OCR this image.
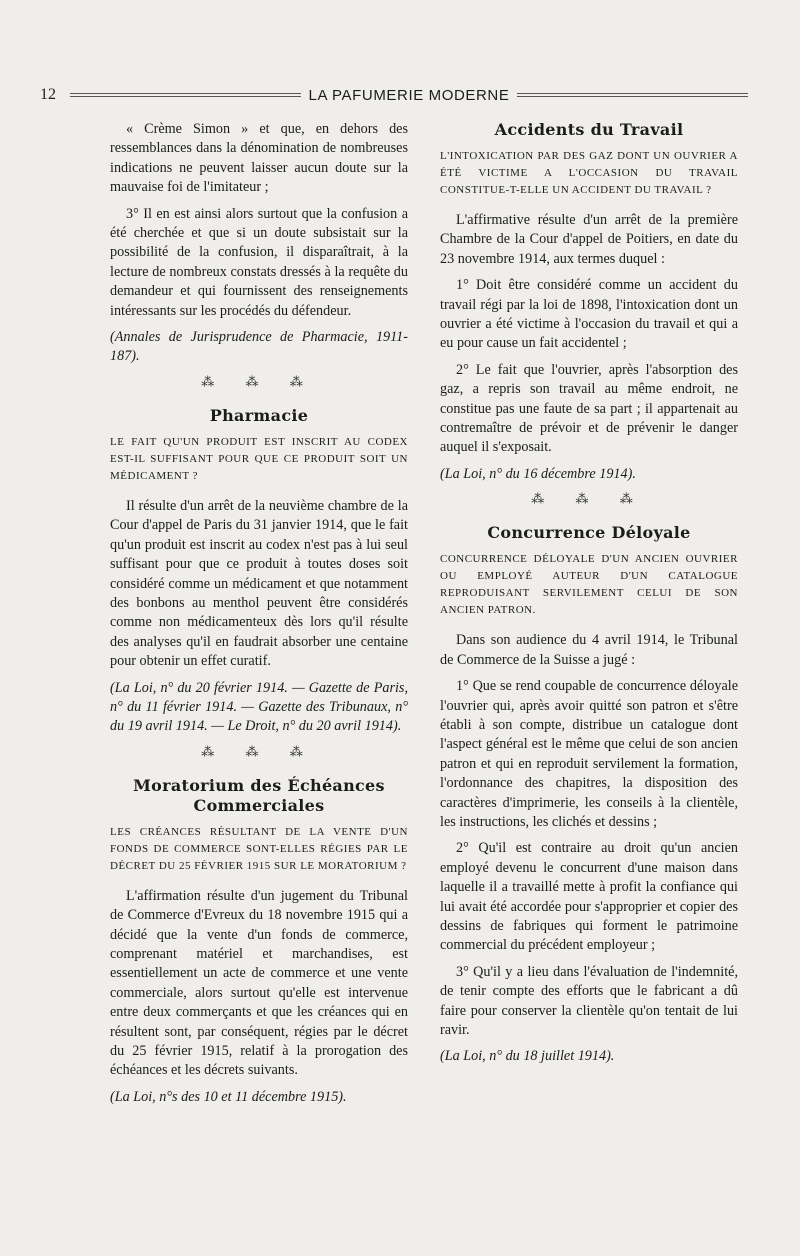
12	LA PAFUMERIE MODERNE

« Crème Simon » et que, en dehors des ressemblances dans la dénomination de nombreuses indications ne peuvent laisser aucun doute sur la mauvaise foi de l'imitateur ;

3° Il en est ainsi alors surtout que la confusion a été cherchée et que si un doute subsistait sur la possibilité de la confusion, il disparaîtrait, à la lecture de nombreux constats dressés à la requête du demandeur et qui fournissent des renseignements intéressants sur les procédés du défendeur.

(Annales de Jurisprudence de Pharmacie, 1911-187).

⁂ ⁂ ⁂
Pharmacie
LE FAIT QU'UN PRODUIT EST INSCRIT AU CODEX EST-IL SUFFISANT POUR QUE CE PRODUIT SOIT UN MÉDICAMENT ?

Il résulte d'un arrêt de la neuvième chambre de la Cour d'appel de Paris du 31 janvier 1914, que le fait qu'un produit est inscrit au codex n'est pas à lui seul suffisant pour que ce produit à toutes doses soit considéré comme un médicament et que notamment des bonbons au menthol peuvent être considérés comme non médicamenteux dès lors qu'il résulte des analyses qu'il en faudrait absorber une centaine pour obtenir un effet curatif.

(La Loi, n° du 20 février 1914. — Gazette de Paris, n° du 11 février 1914. — Gazette des Tribunaux, n° du 19 avril 1914. — Le Droit, n° du 20 avril 1914).

⁂ ⁂ ⁂
Moratorium des Échéances Commerciales
LES CRÉANCES RÉSULTANT DE LA VENTE D'UN FONDS DE COMMERCE SONT-ELLES RÉGIES PAR LE DÉCRET DU 25 FÉVRIER 1915 SUR LE MORATORIUM ?

L'affirmation résulte d'un jugement du Tribunal de Commerce d'Evreux du 18 novembre 1915 qui a décidé que la vente d'un fonds de commerce, comprenant matériel et marchandises, est essentiellement un acte de commerce et une vente commerciale, alors surtout qu'elle est intervenue entre deux commerçants et que les créances qui en résultent sont, par conséquent, régies par le décret du 25 février 1915, relatif à la prorogation des échéances et les décrets suivants.

(La Loi, n°s des 10 et 11 décembre 1915).

Accidents du Travail
L'INTOXICATION PAR DES GAZ DONT UN OUVRIER A ÉTÉ VICTIME A L'OCCASION DU TRAVAIL CONSTITUE-T-ELLE UN ACCIDENT DU TRAVAIL ?

L'affirmative résulte d'un arrêt de la première Chambre de la Cour d'appel de Poitiers, en date du 23 novembre 1914, aux termes duquel :

1° Doit être considéré comme un accident du travail régi par la loi de 1898, l'intoxication dont un ouvrier a été victime à l'occasion du travail et qui a eu pour cause un fait accidentel ;

2° Le fait que l'ouvrier, après l'absorption des gaz, a repris son travail au même endroit, ne constitue pas une faute de sa part ; il appartenait au contremaître de prévoir et de prévenir le danger auquel il s'exposait.

(La Loi, n° du 16 décembre 1914).

⁂ ⁂ ⁂
Concurrence Déloyale
CONCURRENCE DÉLOYALE D'UN ANCIEN OUVRIER OU EMPLOYÉ AUTEUR D'UN CATALOGUE REPRODUISANT SERVILEMENT CELUI DE SON ANCIEN PATRON.

Dans son audience du 4 avril 1914, le Tribunal de Commerce de la Suisse a jugé :

1° Que se rend coupable de concurrence déloyale l'ouvrier qui, après avoir quitté son patron et s'être établi à son compte, distribue un catalogue dont l'aspect général est le même que celui de son ancien patron et qui en reproduit servilement la formation, l'ordonnance des chapitres, la disposition des caractères d'imprimerie, les conseils à la clientèle, les instructions, les clichés et dessins ;

2° Qu'il est contraire au droit qu'un ancien employé devenu le concurrent d'une maison dans laquelle il a travaillé mette à profit la confiance qui lui avait été accordée pour s'approprier et copier des dessins de fabriques qui forment le patrimoine commercial du précédent employeur ;

3° Qu'il y a lieu dans l'évaluation de l'indemnité, de tenir compte des efforts que le fabricant a dû faire pour conserver la clientèle qu'on tentait de lui ravir.

(La Loi, n° du 18 juillet 1914).
